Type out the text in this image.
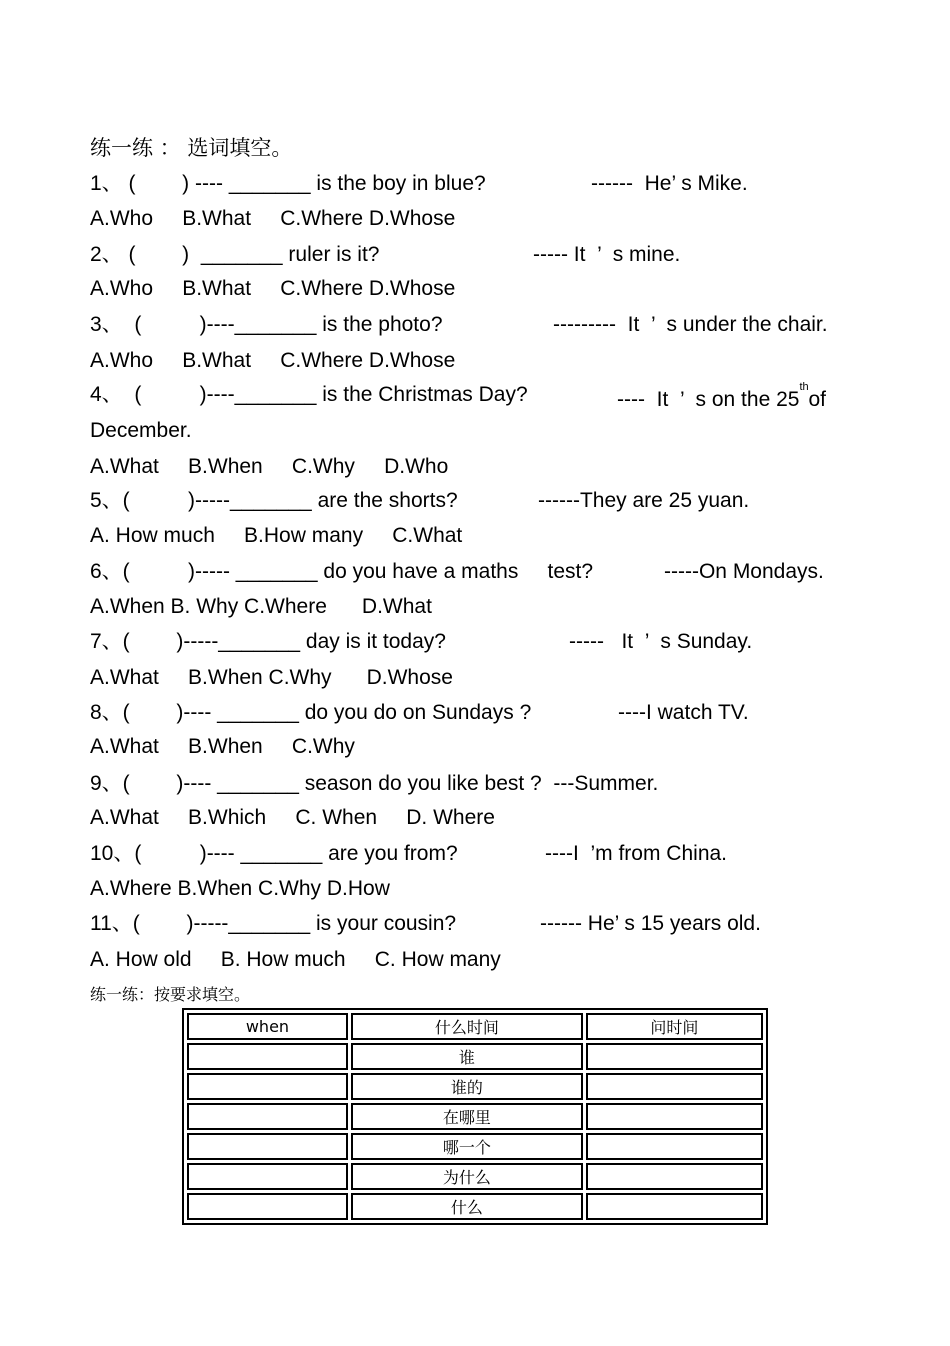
练一练 ： 选词填空。
1、 (        ) ---- _______ is the boy in blue?	------  He’ s Mike.
A.Who     B.What     C.Where D.Whose
2、 (        )  _______ ruler is it?	----- It  ’  s mine.
A.Who     B.What     C.Where D.Whose
3、  (          )----_______ is the photo?	---------  It  ’  s under the chair.
A.Who     B.What     C.Where D.Whose
4、  (          )----_______ is the Christmas Day?	----  It  ’  s on the 25th of
December.
A.What     B.When     C.Why     D.Who
5、(          )-----_______ are the shorts?	------They are 25 yuan.
A. How much     B.How many     C.What
6、(          )----- _______ do you have a maths     test?	-----On Mondays.
A.When B. Why C.Where      D.What
7、(        )-----_______ day is it today?	-----   It  ’  s Sunday.
A.What     B.When C.Why      D.Whose
8、(        )---- _______ do you do on Sundays ?	----I watch TV.
A.What     B.When     C.Why
9、(        )---- _______ season do you like best ?  ---Summer.
A.What     B.Which     C. When     D. Where
10、(          )---- _______ are you from?	----I  ’m from China.
A.Where B.When C.Why D.How
11、(        )-----_______ is your cousin?	------ He’ s 15 years old.
A. How old     B. How much     C. How many
练一练：按要求填空。
when	什么时间	问时间
	谁	
	谁的	
	在哪里	
	哪一个	
	为什么	
	什么	
